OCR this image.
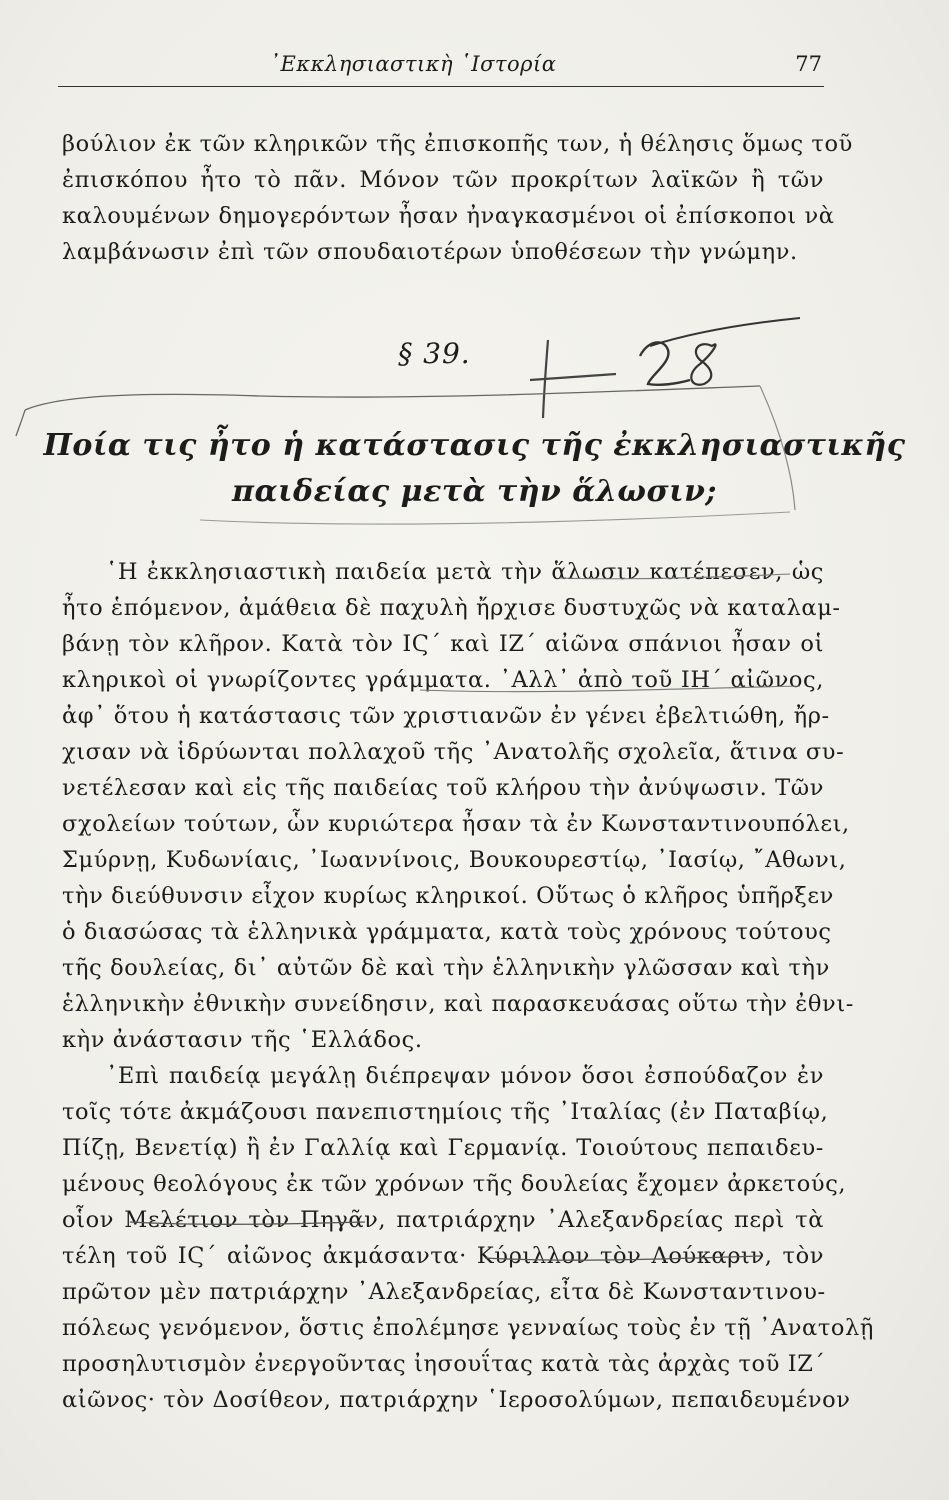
᾿Εκκλησιαστικὴ ῾Ιστορία	77
βούλιον ἐκ τῶν κληρικῶν τῆς ἐπισκοπῆς των, ἡ θέλησις ὅμως τοῦ
ἐπισκόπου ἦτο τὸ πᾶν. Μόνον τῶν προκρίτων λαϊκῶν ἢ τῶν
καλουμένων δημογερόντων ἦσαν ἠναγκασμένοι οἱ ἐπίσκοποι νὰ
λαμβάνωσιν ἐπὶ τῶν σπουδαιοτέρων ὑποθέσεων τὴν γνώμην.
§ 39.
Ποία τις ἦτο ἡ κατάστασις τῆς ἐκκλησιαστικῆς
παιδείας μετὰ τὴν ἅλωσιν;
῾Η ἐκκλησιαστικὴ παιδεία μετὰ τὴν ἅλωσιν κατέπεσεν, ὡς
ἦτο ἑπόμενον, ἀμάθεια δὲ παχυλὴ ἤρχισε δυστυχῶς νὰ καταλαμ-
βάνῃ τὸν κλῆρον. Κατὰ τὸν ΙϚ΄ καὶ ΙΖ΄ αἰῶνα σπάνιοι ἦσαν οἱ
κληρικοὶ οἱ γνωρίζοντες γράμματα. ᾿Αλλ᾿ ἀπὸ τοῦ ΙΗ΄ αἰῶνος,
ἀφ᾿ ὅτου ἡ κατάστασις τῶν χριστιανῶν ἐν γένει ἐβελτιώθη, ἤρ-
χισαν νὰ ἱδρύωνται πολλαχοῦ τῆς ᾿Ανατολῆς σχολεῖα, ἅτινα συ-
νετέλεσαν καὶ εἰς τῆς παιδείας τοῦ κλήρου τὴν ἀνύψωσιν. Τῶν
σχολείων τούτων, ὧν κυριώτερα ἦσαν τὰ ἐν Κωνσταντινουπόλει,
Σμύρνῃ, Κυδωνίαις, ᾿Ιωαννίνοις, Βουκουρεστίῳ, ᾿Ιασίῳ, ῎Αθωνι,
τὴν διεύθυνσιν εἶχον κυρίως κληρικοί. Οὕτως ὁ κλῆρος ὑπῆρξεν
ὁ διασώσας τὰ ἑλληνικὰ γράμματα, κατὰ τοὺς χρόνους τούτους
τῆς δουλείας, δι᾿ αὐτῶν δὲ καὶ τὴν ἑλληνικὴν γλῶσσαν καὶ τὴν
ἑλληνικὴν ἐθνικὴν συνείδησιν, καὶ παρασκευάσας οὕτω τὴν ἐθνι-
κὴν ἀνάστασιν τῆς ῾Ελλάδος.
᾿Επὶ παιδείᾳ μεγάλῃ διέπρεψαν μόνον ὅσοι ἐσπούδαζον ἐν
τοῖς τότε ἀκμάζουσι πανεπιστημίοις τῆς ᾿Ιταλίας (ἐν Παταβίῳ,
Πίζῃ, Βενετίᾳ) ἢ ἐν Γαλλίᾳ καὶ Γερμανίᾳ. Τοιούτους πεπαιδευ-
μένους θεολόγους ἐκ τῶν χρόνων τῆς δουλείας ἔχομεν ἀρκετούς,
οἷον Μελέτιον τὸν Πηγᾶν, πατριάρχην ᾿Αλεξανδρείας περὶ τὰ
τέλη τοῦ ΙϚ΄ αἰῶνος ἀκμάσαντα· Κύριλλον τὸν Λούκαριν, τὸν
πρῶτον μὲν πατριάρχην ᾿Αλεξανδρείας, εἶτα δὲ Κωνσταντινου-
πόλεως γενόμενον, ὅστις ἐπολέμησε γενναίως τοὺς ἐν τῇ ᾿Ανατολῇ
προσηλυτισμὸν ἐνεργοῦντας ἰησουΐτας κατὰ τὰς ἀρχὰς τοῦ ΙΖ΄
αἰῶνος· τὸν Δοσίθεον, πατριάρχην ῾Ιεροσολύμων, πεπαιδευμένον
